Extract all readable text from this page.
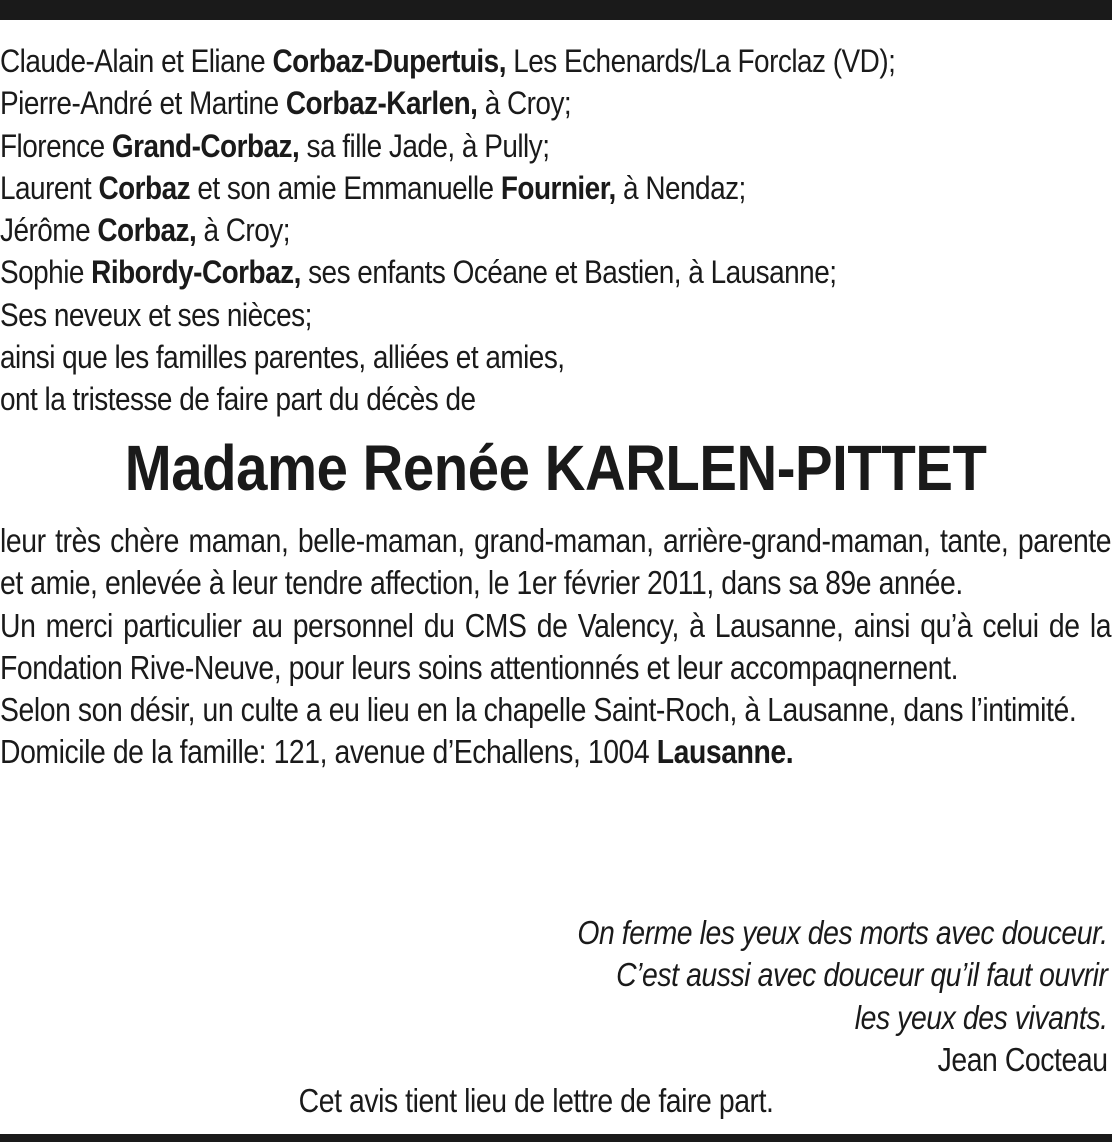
Claude-Alain et Eliane Corbaz-Dupertuis, Les Echenards/La Forclaz (VD);
Pierre-André et Martine Corbaz-Karlen, à Croy;
Florence Grand-Corbaz, sa fille Jade, à Pully;
Laurent Corbaz et son amie Emmanuelle Fournier, à Nendaz;
Jérôme Corbaz, à Croy;
Sophie Ribordy-Corbaz, ses enfants Océane et Bastien, à Lausanne;
Ses neveux et ses nièces;
ainsi que les familles parentes, alliées et amies,
ont la tristesse de faire part du décès de
Madame Renée KARLEN-PITTET

leur très chère maman, belle-maman, grand-maman, arrière-grand-maman, tante, parente et amie, enlevée à leur tendre affection, le 1er février 2011, dans sa 89e année.

Un merci particulier au personnel du CMS de Valency, à Lausanne, ainsi qu’à celui de la Fondation Rive-Neuve, pour leurs soins attentionnés et leur accompaqnernent.

Selon son désir, un culte a eu lieu en la chapelle Saint-Roch, à Lausanne, dans l’intimité.

Domicile de la famille: 121, avenue d’Echallens, 1004 Lausanne.

On ferme les yeux des morts avec douceur.
C’est aussi avec douceur qu’il faut ouvrir
les yeux des vivants.
Jean Cocteau
Cet avis tient lieu de lettre de faire part.
